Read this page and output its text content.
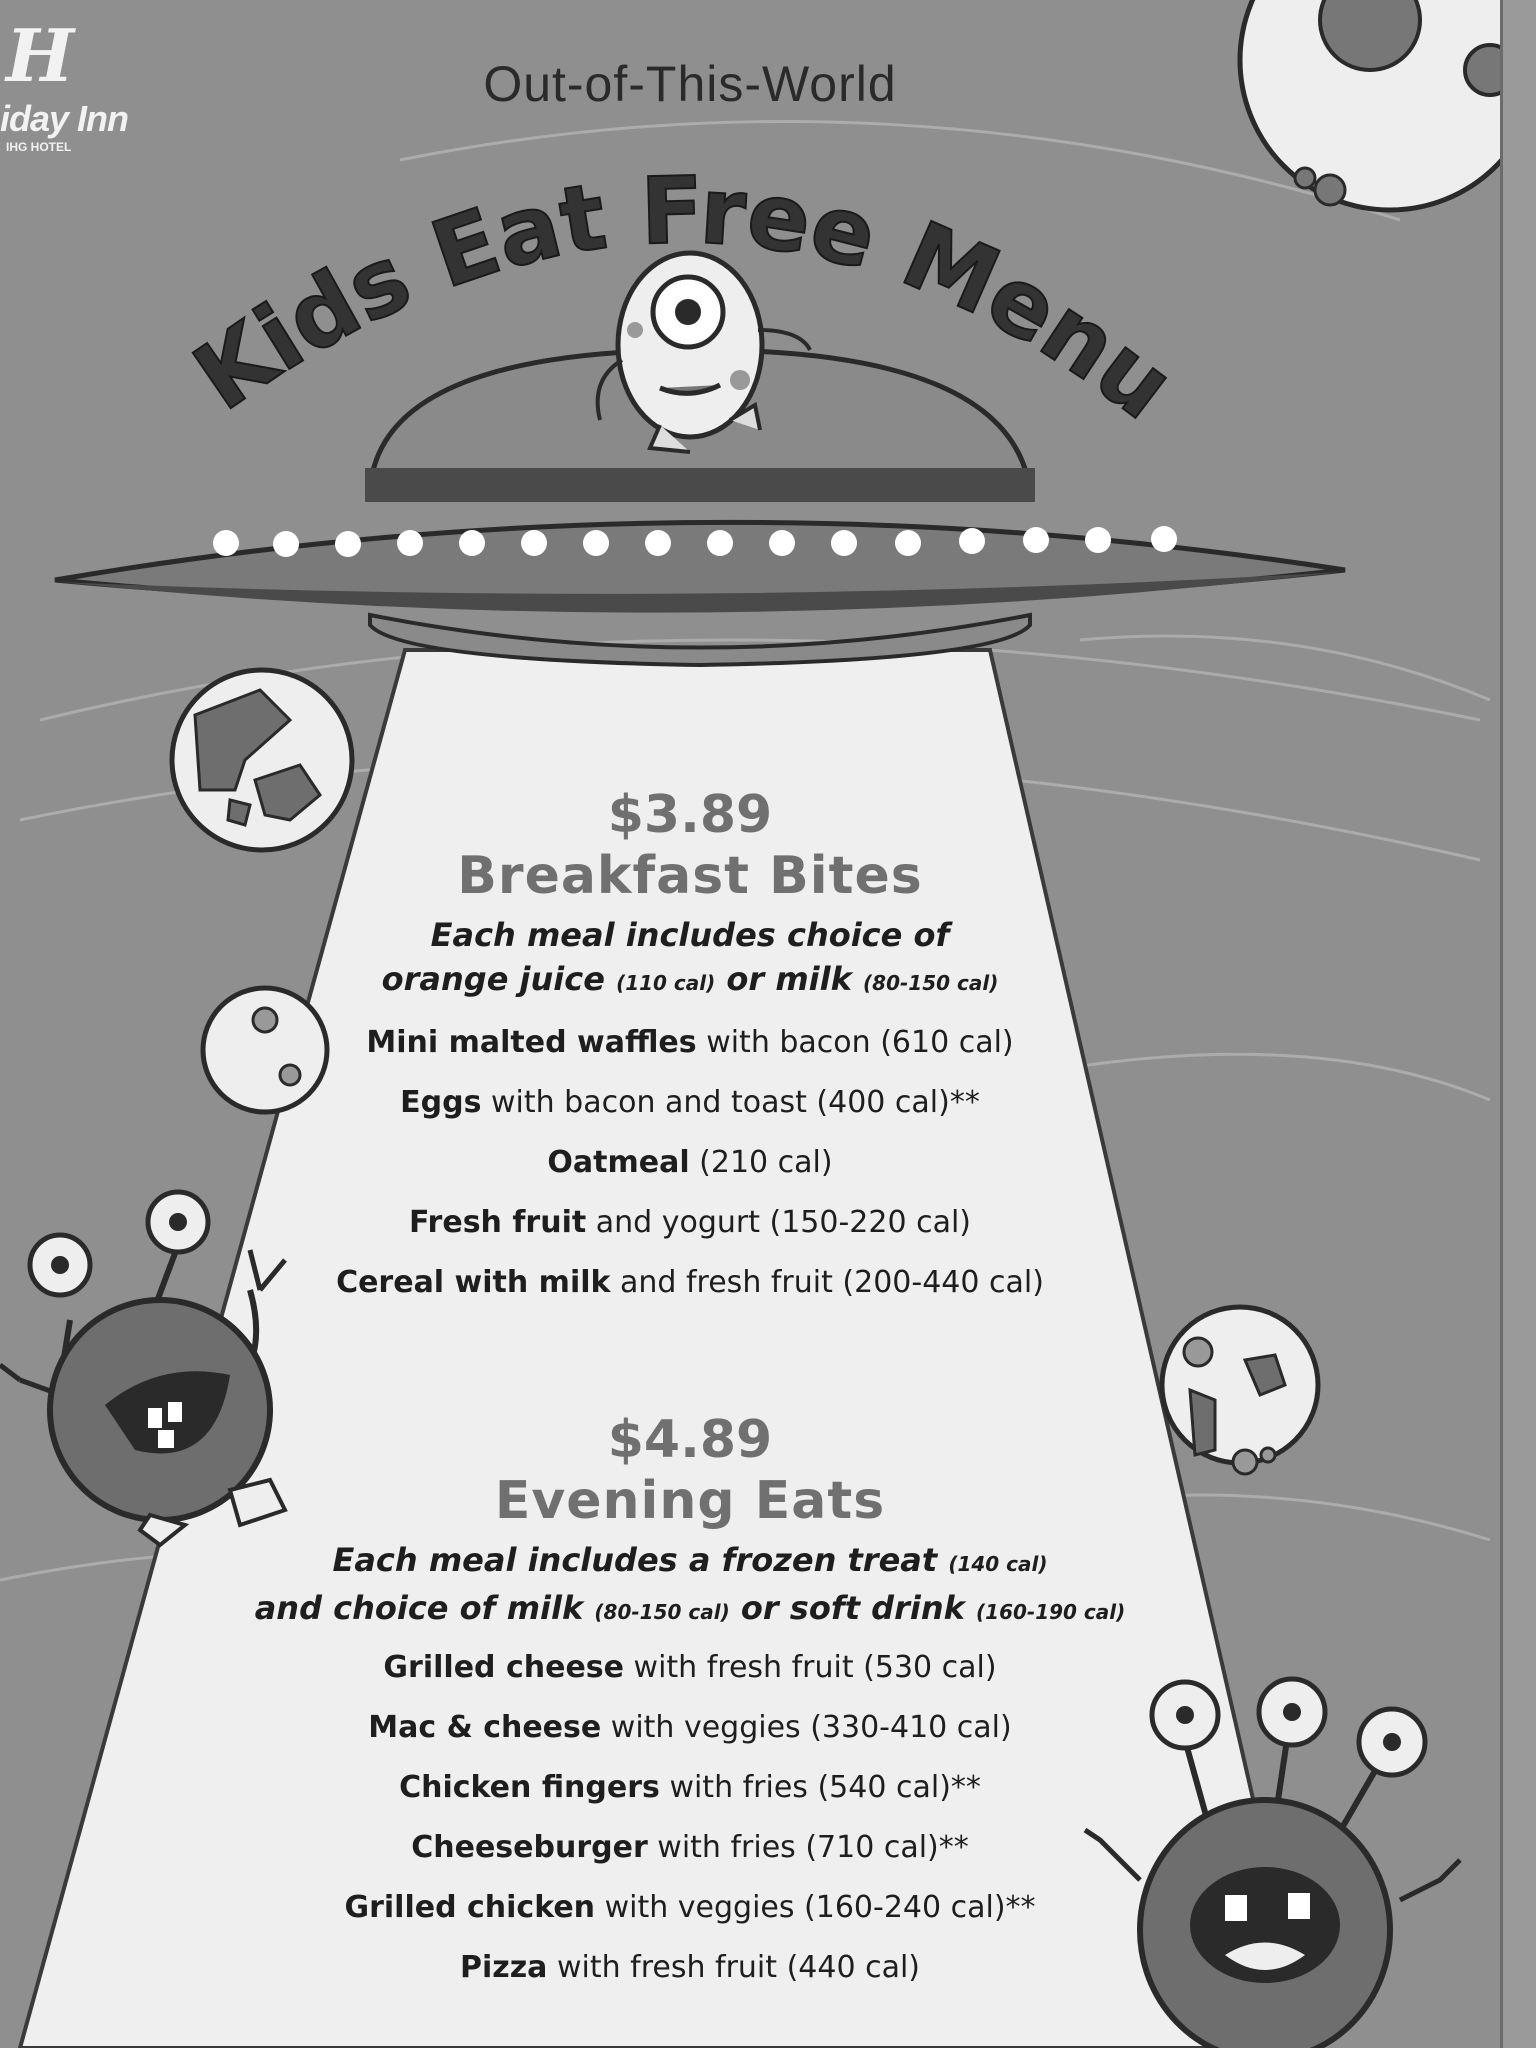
Kids Eat Free Menu
H
iday Inn
IHG HOTEL
Out-of-This-World
$3.89
Breakfast Bites
Each meal includes choice of
orange juice (110 cal) or milk (80-150 cal)
Mini malted waffles with bacon (610 cal)
Eggs with bacon and toast (400 cal)**
Oatmeal (210 cal)
Fresh fruit and yogurt (150-220 cal)
Cereal with milk and fresh fruit (200-440 cal)
$4.89
Evening Eats
Each meal includes a frozen treat (140 cal)
and choice of milk (80-150 cal) or soft drink (160-190 cal)
Grilled cheese with fresh fruit (530 cal)
Mac & cheese with veggies (330-410 cal)
Chicken fingers with fries (540 cal)**
Cheeseburger with fries (710 cal)**
Grilled chicken with veggies (160-240 cal)**
Pizza with fresh fruit (440 cal)
